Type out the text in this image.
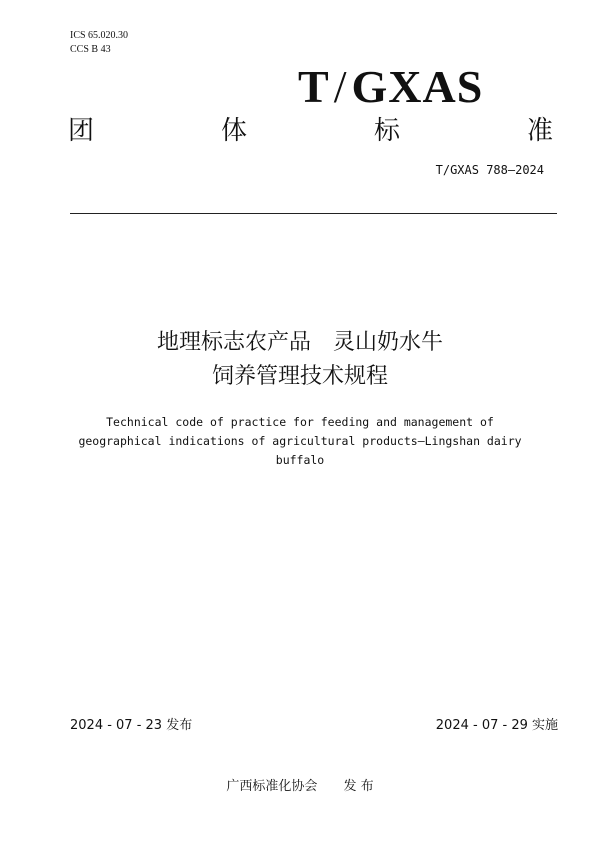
ICS 65.020.30
CCS B 43
T/GXAS
团	体	标	准
T/GXAS 788—2024
地理标志农产品 灵山奶水牛
饲养管理技术规程
Technical code of practice for feeding and management of
geographical indications of agricultural products—Lingshan dairy
buffalo
2024 - 07 - 23 发布	2024 - 07 - 29 实施
广西标准化协会 发 布
